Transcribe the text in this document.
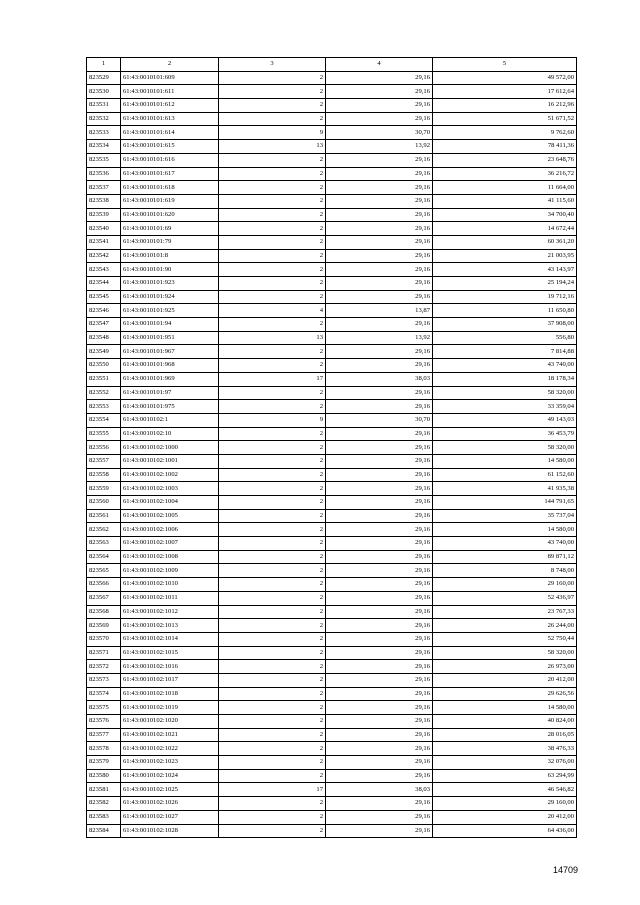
1	2	3	4	5
823529	61:43:0010101:609	2	29,16	49 572,00
823530	61:43:0010101:611	2	29,16	17 612,64
823531	61:43:0010101:612	2	29,16	16 212,96
823532	61:43:0010101:613	2	29,16	51 671,52
823533	61:43:0010101:614	9	30,70	9 762,60
823534	61:43:0010101:615	13	13,92	78 411,36
823535	61:43:0010101:616	2	29,16	23 648,76
823536	61:43:0010101:617	2	29,16	36 216,72
823537	61:43:0010101:618	2	29,16	11 664,00
823538	61:43:0010101:619	2	29,16	41 115,60
823539	61:43:0010101:620	2	29,16	34 700,40
823540	61:43:0010101:69	2	29,16	14 672,44
823541	61:43:0010101:79	2	29,16	60 361,20
823542	61:43:0010101:8	2	29,16	21 003,95
823543	61:43:0010101:90	2	29,16	43 143,97
823544	61:43:0010101:923	2	29,16	25 194,24
823545	61:43:0010101:924	2	29,16	19 712,16
823546	61:43:0010101:925	4	13,87	11 650,80
823547	61:43:0010101:94	2	29,16	37 908,00
823548	61:43:0010101:951	13	13,92	556,80
823549	61:43:0010101:967	2	29,16	7 814,88
823550	61:43:0010101:968	2	29,16	43 740,00
823551	61:43:0010101:969	17	38,03	18 178,34
823552	61:43:0010101:97	2	29,16	58 320,00
823553	61:43:0010101:975	2	29,16	33 359,04
823554	61:43:0010102:1	9	30,70	49 143,03
823555	61:43:0010102:10	2	29,16	36 453,79
823556	61:43:0010102:1000	2	29,16	58 320,00
823557	61:43:0010102:1001	2	29,16	14 580,00
823558	61:43:0010102:1002	2	29,16	61 152,60
823559	61:43:0010102:1003	2	29,16	41 935,38
823560	61:43:0010102:1004	2	29,16	144 791,65
823561	61:43:0010102:1005	2	29,16	35 737,04
823562	61:43:0010102:1006	2	29,16	14 580,00
823563	61:43:0010102:1007	2	29,16	43 740,00
823564	61:43:0010102:1008	2	29,16	89 871,12
823565	61:43:0010102:1009	2	29,16	8 748,00
823566	61:43:0010102:1010	2	29,16	29 160,00
823567	61:43:0010102:1011	2	29,16	52 436,97
823568	61:43:0010102:1012	2	29,16	23 767,33
823569	61:43:0010102:1013	2	29,16	26 244,00
823570	61:43:0010102:1014	2	29,16	52 750,44
823571	61:43:0010102:1015	2	29,16	58 320,00
823572	61:43:0010102:1016	2	29,16	26 973,00
823573	61:43:0010102:1017	2	29,16	20 412,00
823574	61:43:0010102:1018	2	29,16	29 626,56
823575	61:43:0010102:1019	2	29,16	14 580,00
823576	61:43:0010102:1020	2	29,16	40 824,00
823577	61:43:0010102:1021	2	29,16	28 016,05
823578	61:43:0010102:1022	2	29,16	38 476,33
823579	61:43:0010102:1023	2	29,16	32 076,00
823580	61:43:0010102:1024	2	29,16	63 294,99
823581	61:43:0010102:1025	17	38,03	46 546,82
823582	61:43:0010102:1026	2	29,16	29 160,00
823583	61:43:0010102:1027	2	29,16	20 412,00
823584	61:43:0010102:1028	2	29,16	64 436,00
14709
